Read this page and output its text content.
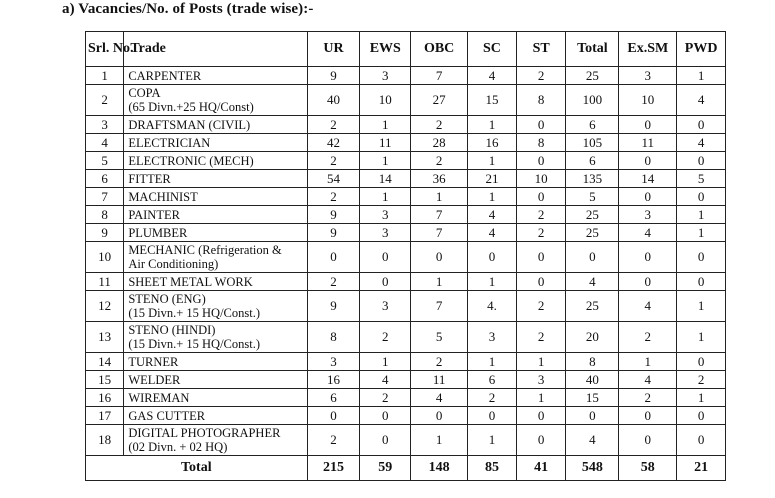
a) Vacancies/No. of Posts (trade wise):-
Srl. No.	Trade	UR	EWS	OBC	SC	ST	Total	Ex.SM	PWD
1	CARPENTER	9	3	7	4	2	25	3	1
2	COPA
(65 Divn.+25 HQ/Const)	40	10	27	15	8	100	10	4
3	DRAFTSMAN (CIVIL)	2	1	2	1	0	6	0	0
4	ELECTRICIAN	42	11	28	16	8	105	11	4
5	ELECTRONIC (MECH)	2	1	2	1	0	6	0	0
6	FITTER	54	14	36	21	10	135	14	5
7	MACHINIST	2	1	1	1	0	5	0	0
8	PAINTER	9	3	7	4	2	25	3	1
9	PLUMBER	9	3	7	4	2	25	4	1
10	MECHANIC (Refrigeration &
Air Conditioning)	0	0	0	0	0	0	0	0
11	SHEET METAL WORK	2	0	1	1	0	4	0	0
12	STENO (ENG)
(15 Divn.+ 15 HQ/Const.)	9	3	7	4.	2	25	4	1
13	STENO (HINDI)
(15 Divn.+ 15 HQ/Const.)	8	2	5	3	2	20	2	1
14	TURNER	3	1	2	1	1	8	1	0
15	WELDER	16	4	11	6	3	40	4	2
16	WIREMAN	6	2	4	2	1	15	2	1
17	GAS CUTTER	0	0	0	0	0	0	0	0
18	DIGITAL PHOTOGRAPHER
(02 Divn. + 02 HQ)	2	0	1	1	0	4	0	0
Total		215	59	148	85	41	548	58	21
